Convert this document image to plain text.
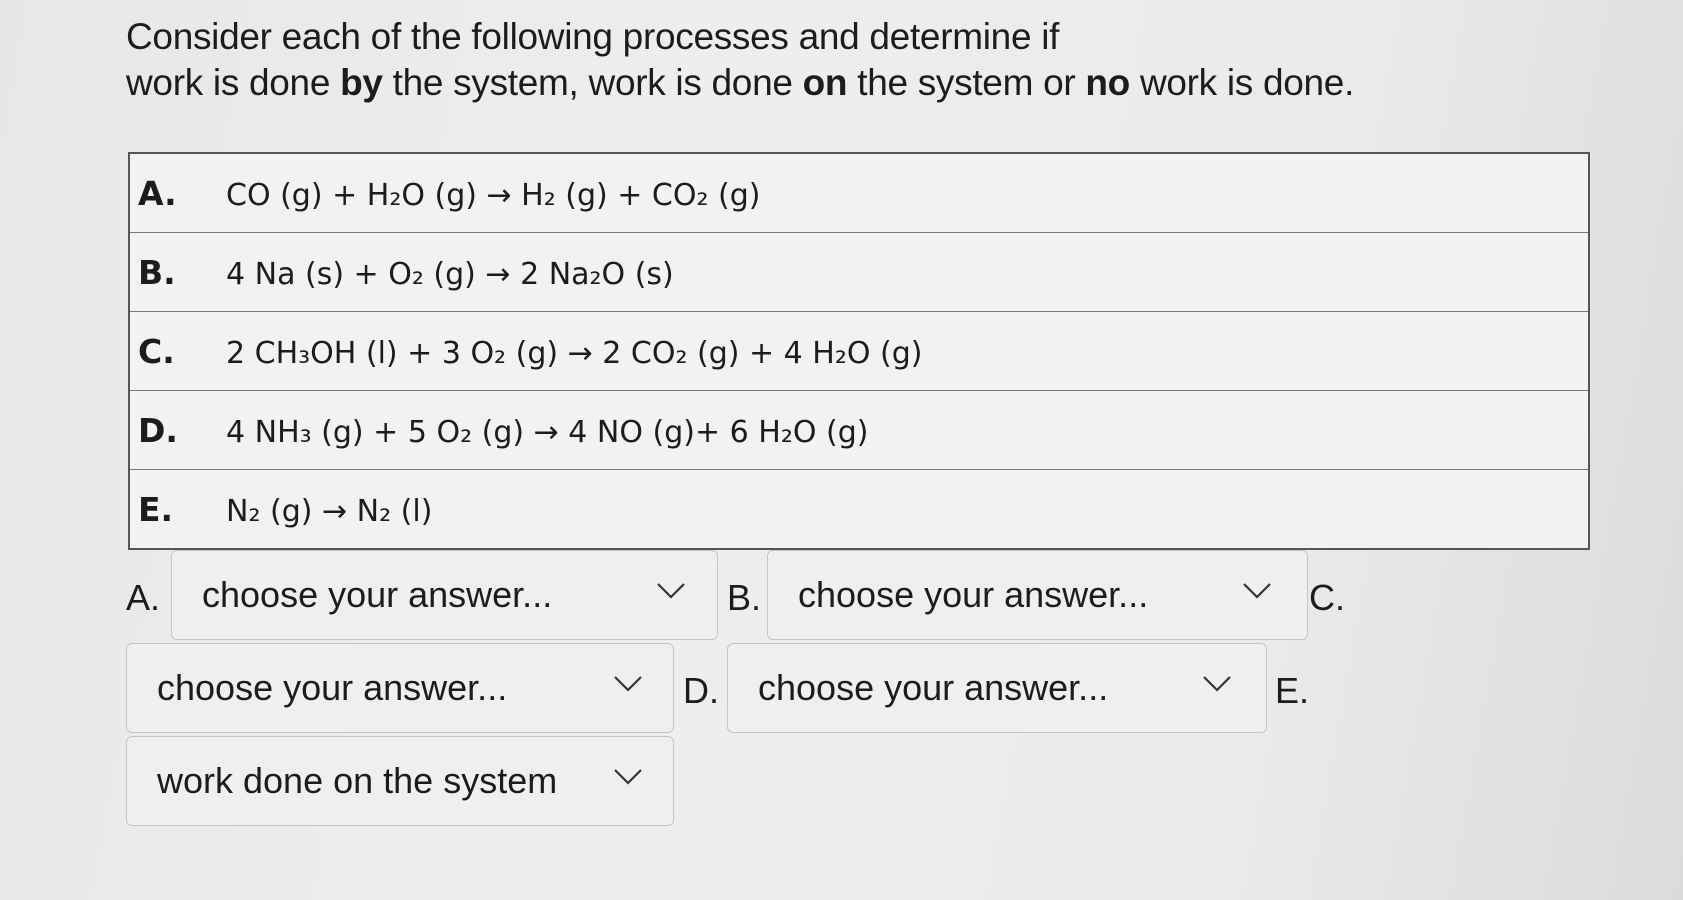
Consider each of the following processes and determine if
work is done by the system, work is done on the system or no work is done.
A. CO (g) + H₂O (g) → H₂ (g) + CO₂ (g)
B. 4 Na (s) + O₂ (g) → 2 Na₂O (s)
C. 2 CH₃OH (l) + 3 O₂ (g) → 2 CO₂ (g) + 4 H₂O (g)
D. 4 NH₃ (g) + 5 O₂ (g) → 4 NO (g)+ 6 H₂O (g)
E. N₂ (g) → N₂ (l)
A.	choose your answer...	B.	choose your answer...	C.
choose your answer...	D.	choose your answer...	E.
work done on the system
